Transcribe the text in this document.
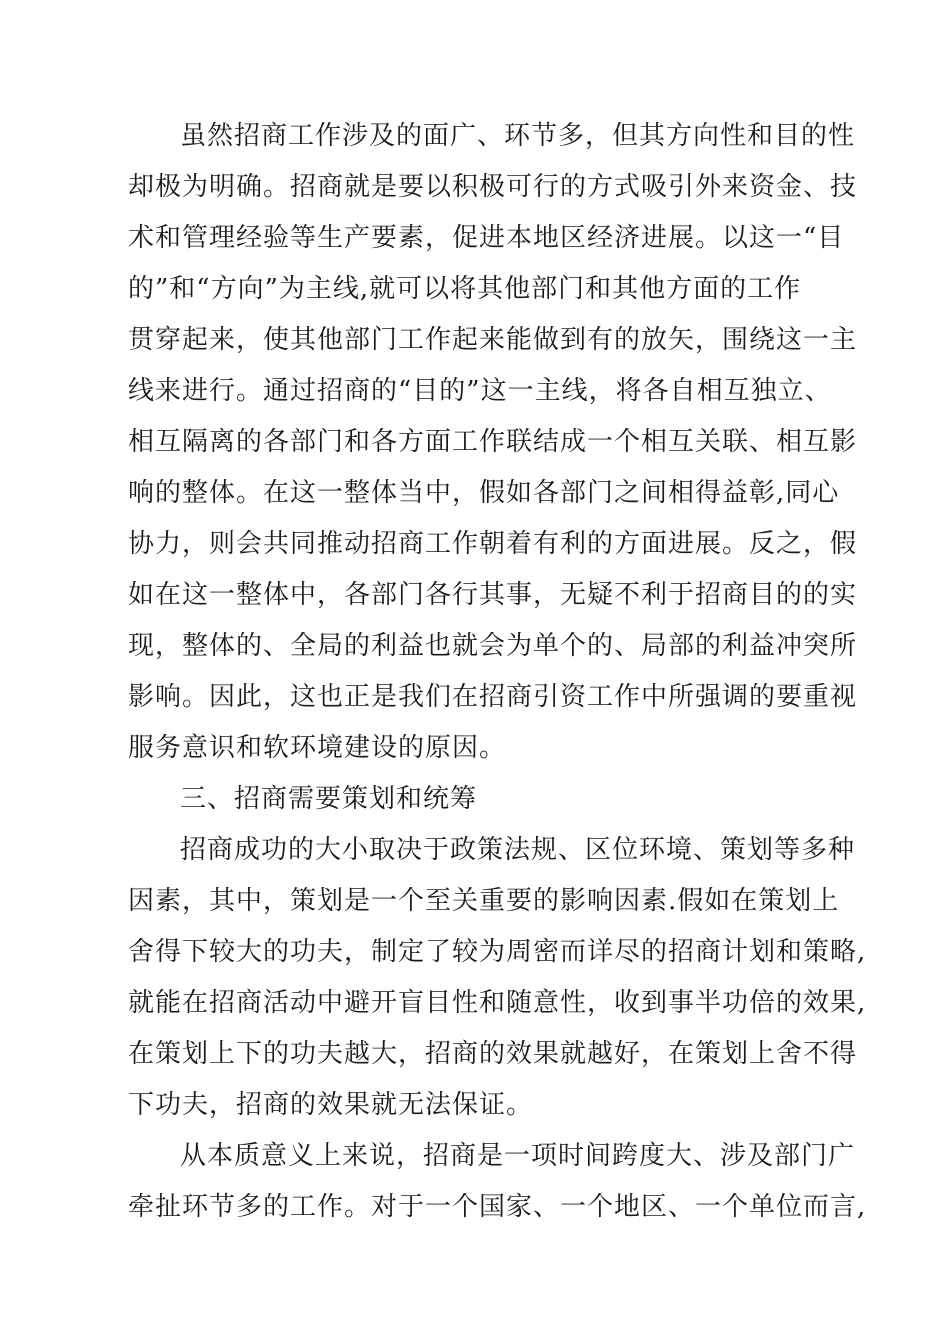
虽然招商工作涉及的面广、环节多，但其方向性和目的性
却极为明确。招商就是要以积极可行的方式吸引外来资金、技
术和管理经验等生产要素，促进本地区经济进展。以这一“目
的”和“方向”为主线,就可以将其他部门和其他方面的工作
贯穿起来，使其他部门工作起来能做到有的放矢，围绕这一主
线来进行。通过招商的“目的”这一主线，将各自相互独立、
相互隔离的各部门和各方面工作联结成一个相互关联、相互影
响的整体。在这一整体当中，假如各部门之间相得益彰,同心
协力，则会共同推动招商工作朝着有利的方面进展。反之，假
如在这一整体中，各部门各行其事，无疑不利于招商目的的实
现，整体的、全局的利益也就会为单个的、局部的利益冲突所
影响。因此，这也正是我们在招商引资工作中所强调的要重视
服务意识和软环境建设的原因。
三、招商需要策划和统筹
招商成功的大小取决于政策法规、区位环境、策划等多种
因素，其中，策划是一个至关重要的影响因素.假如在策划上
舍得下较大的功夫，制定了较为周密而详尽的招商计划和策略,
就能在招商活动中避开盲目性和随意性，收到事半功倍的效果,
在策划上下的功夫越大，招商的效果就越好，在策划上舍不得
下功夫，招商的效果就无法保证。
从本质意义上来说，招商是一项时间跨度大、涉及部门广
牵扯环节多的工作。对于一个国家、一个地区、一个单位而言,
